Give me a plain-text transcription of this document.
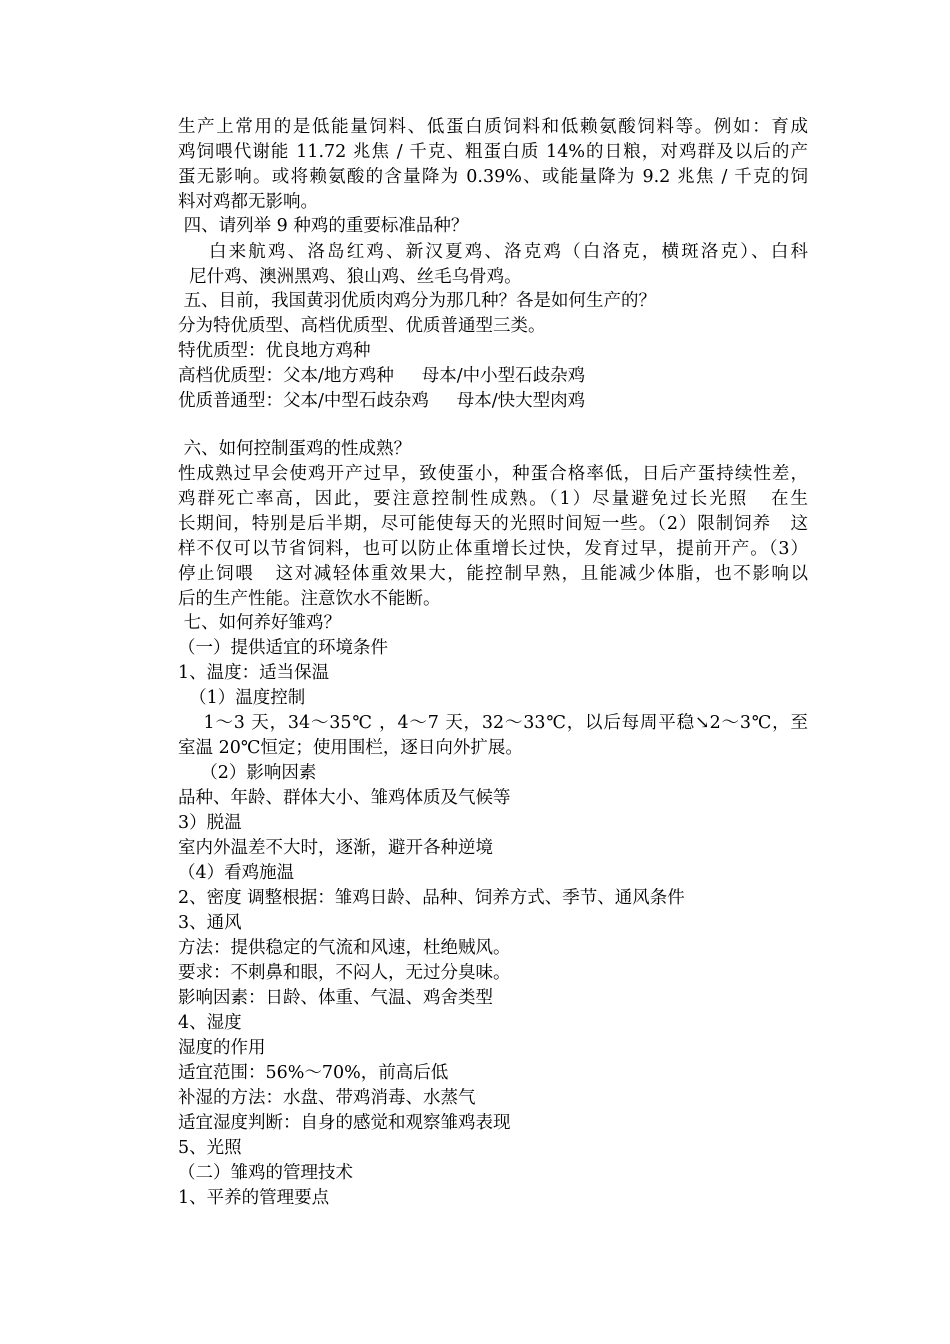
生产上常用的是低能量饲料、低蛋白质饲料和低赖氨酸饲料等。例如：育成
鸡饲喂代谢能 11.72 兆焦 / 千克、粗蛋白质 14%的日粮，对鸡群及以后的产
蛋无影响。或将赖氨酸的含量降为 0.39%、或能量降为 9.2 兆焦 / 千克的饲
料对鸡都无影响。
四、请列举 9 种鸡的重要标准品种？
白来航鸡、洛岛红鸡、新汉夏鸡、洛克鸡（白洛克，横斑洛克）、白科
尼什鸡、澳洲黑鸡、狼山鸡、丝毛乌骨鸡。
五、目前，我国黄羽优质肉鸡分为那几种？各是如何生产的？
分为特优质型、高档优质型、优质普通型三类。
特优质型：优良地方鸡种
高档优质型：父本/地方鸡种     母本/中小型石歧杂鸡
优质普通型：父本/中型石歧杂鸡     母本/快大型肉鸡
六、如何控制蛋鸡的性成熟？
性成熟过早会使鸡开产过早，致使蛋小，种蛋合格率低，日后产蛋持续性差，
鸡群死亡率高，因此，要注意控制性成熟。（1）尽量避免过长光照   在生
长期间，特别是后半期，尽可能使每天的光照时间短一些。（2）限制饲养   这
样不仅可以节省饲料，也可以防止体重增长过快，发育过早，提前开产。（3）
停止饲喂   这对减轻体重效果大，能控制早熟，且能减少体脂，也不影响以
后的生产性能。注意饮水不能断。
七、如何养好雏鸡？
（一）提供适宜的环境条件
1、温度：适当保温
（1）温度控制
1～3 天，34～35℃ ，4～7 天，32～33℃，以后每周平稳↘2～3℃，至
室温 20℃恒定；使用围栏，逐日向外扩展。
（2）影响因素
品种、年龄、群体大小、雏鸡体质及气候等
3）脱温
室内外温差不大时，逐渐，避开各种逆境
（4）看鸡施温
2、密度 调整根据：雏鸡日龄、品种、饲养方式、季节、通风条件
3、通风
方法：提供稳定的气流和风速，杜绝贼风。
要求：不刺鼻和眼，不闷人，无过分臭味。
影响因素：日龄、体重、气温、鸡舍类型
4、湿度
湿度的作用
适宜范围：56%～70%，前高后低
补湿的方法：水盘、带鸡消毒、水蒸气
适宜湿度判断：自身的感觉和观察雏鸡表现
5、光照
（二）雏鸡的管理技术
1、平养的管理要点
